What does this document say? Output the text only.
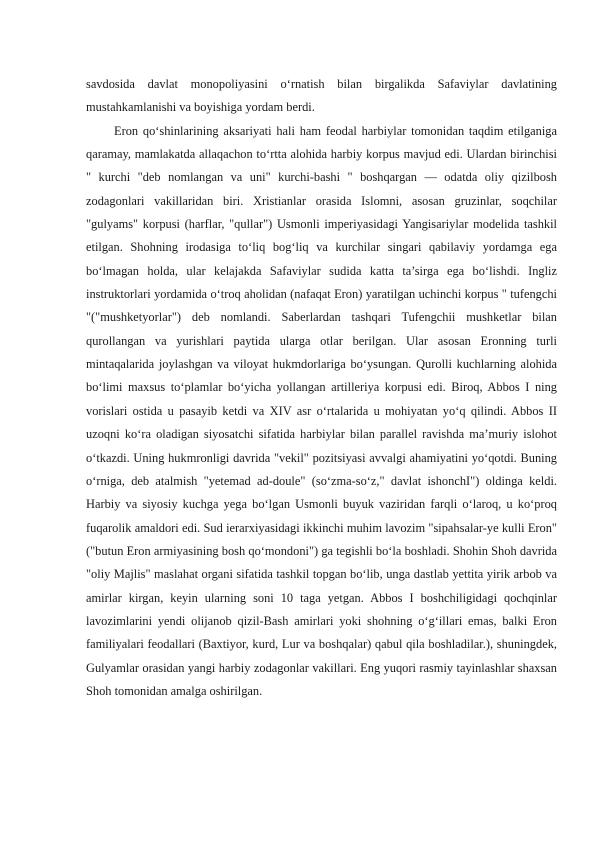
savdosida davlat monopoliyasini o‘rnatish bilan birgalikda Safaviylar davlatining mustahkamlanishi va boyishiga yordam berdi.

Eron qo‘shinlarining aksariyati hali ham feodal harbiylar tomonidan taqdim etilganiga qaramay, mamlakatda allaqachon to‘rtta alohida harbiy korpus mavjud edi. Ulardan birinchisi " kurchi "deb nomlangan va uni" kurchi-bashi " boshqargan — odatda oliy qizilbosh zodagonlari vakillaridan biri. Xristianlar orasida Islomni, asosan gruzinlar, soqchilar "gulyams" korpusi (harflar, "qullar") Usmonli imperiyasidagi Yangisariylar modelida tashkil etilgan. Shohning irodasiga to‘liq bog‘liq va kurchilar singari qabilaviy yordamga ega bo‘lmagan holda, ular kelajakda Safaviylar sudida katta ta’sirga ega bo‘lishdi. Ingliz instruktorlari yordamida o‘troq aholidan (nafaqat Eron) yaratilgan uchinchi korpus " tufengchi "("mushketyorlar") deb nomlandi. Saberlardan tashqari Tufengchii mushketlar bilan qurollangan va yurishlari paytida ularga otlar berilgan. Ular asosan Eronning turli mintaqalarida joylashgan va viloyat hukmdorlariga bo‘ysungan. Qurolli kuchlarning alohida bo‘limi maxsus to‘plamlar bo‘yicha yollangan artilleriya korpusi edi. Biroq, Abbos I ning vorislari ostida u pasayib ketdi va XIV asr o‘rtalarida u mohiyatan yo‘q qilindi. Abbos II uzoqni ko‘ra oladigan siyosatchi sifatida harbiylar bilan parallel ravishda ma’muriy islohot o‘tkazdi. Uning hukmronligi davrida "vekil" pozitsiyasi avvalgi ahamiyatini yo‘qotdi. Buning o‘rniga, deb atalmish "yetemad ad-doule" (so‘zma-so‘z," davlat ishonchI") oldinga keldi. Harbiy va siyosiy kuchga yega bo‘lgan Usmonli buyuk vaziridan farqli o‘laroq, u ko‘proq fuqarolik amaldori edi. Sud ierarxiyasidagi ikkinchi muhim lavozim "sipahsalar-ye kulli Eron" ("butun Eron armiyasining bosh qo‘mondoni") ga tegishli bo‘la boshladi. Shohin Shoh davrida "oliy Majlis" maslahat organi sifatida tashkil topgan bo‘lib, unga dastlab yettita yirik arbob va amirlar kirgan, keyin ularning soni 10 taga yetgan. Abbos I boshchiligidagi qochqinlar lavozimlarini yendi olijanob qizil-Bash amirlari yoki shohning o‘g‘illari emas, balki Eron familiyalari feodallari (Baxtiyor, kurd, Lur va boshqalar) qabul qila boshladilar.), shuningdek, Gulyamlar orasidan yangi harbiy zodagonlar vakillari. Eng yuqori rasmiy tayinlashlar shaxsan Shoh tomonidan amalga oshirilgan.
